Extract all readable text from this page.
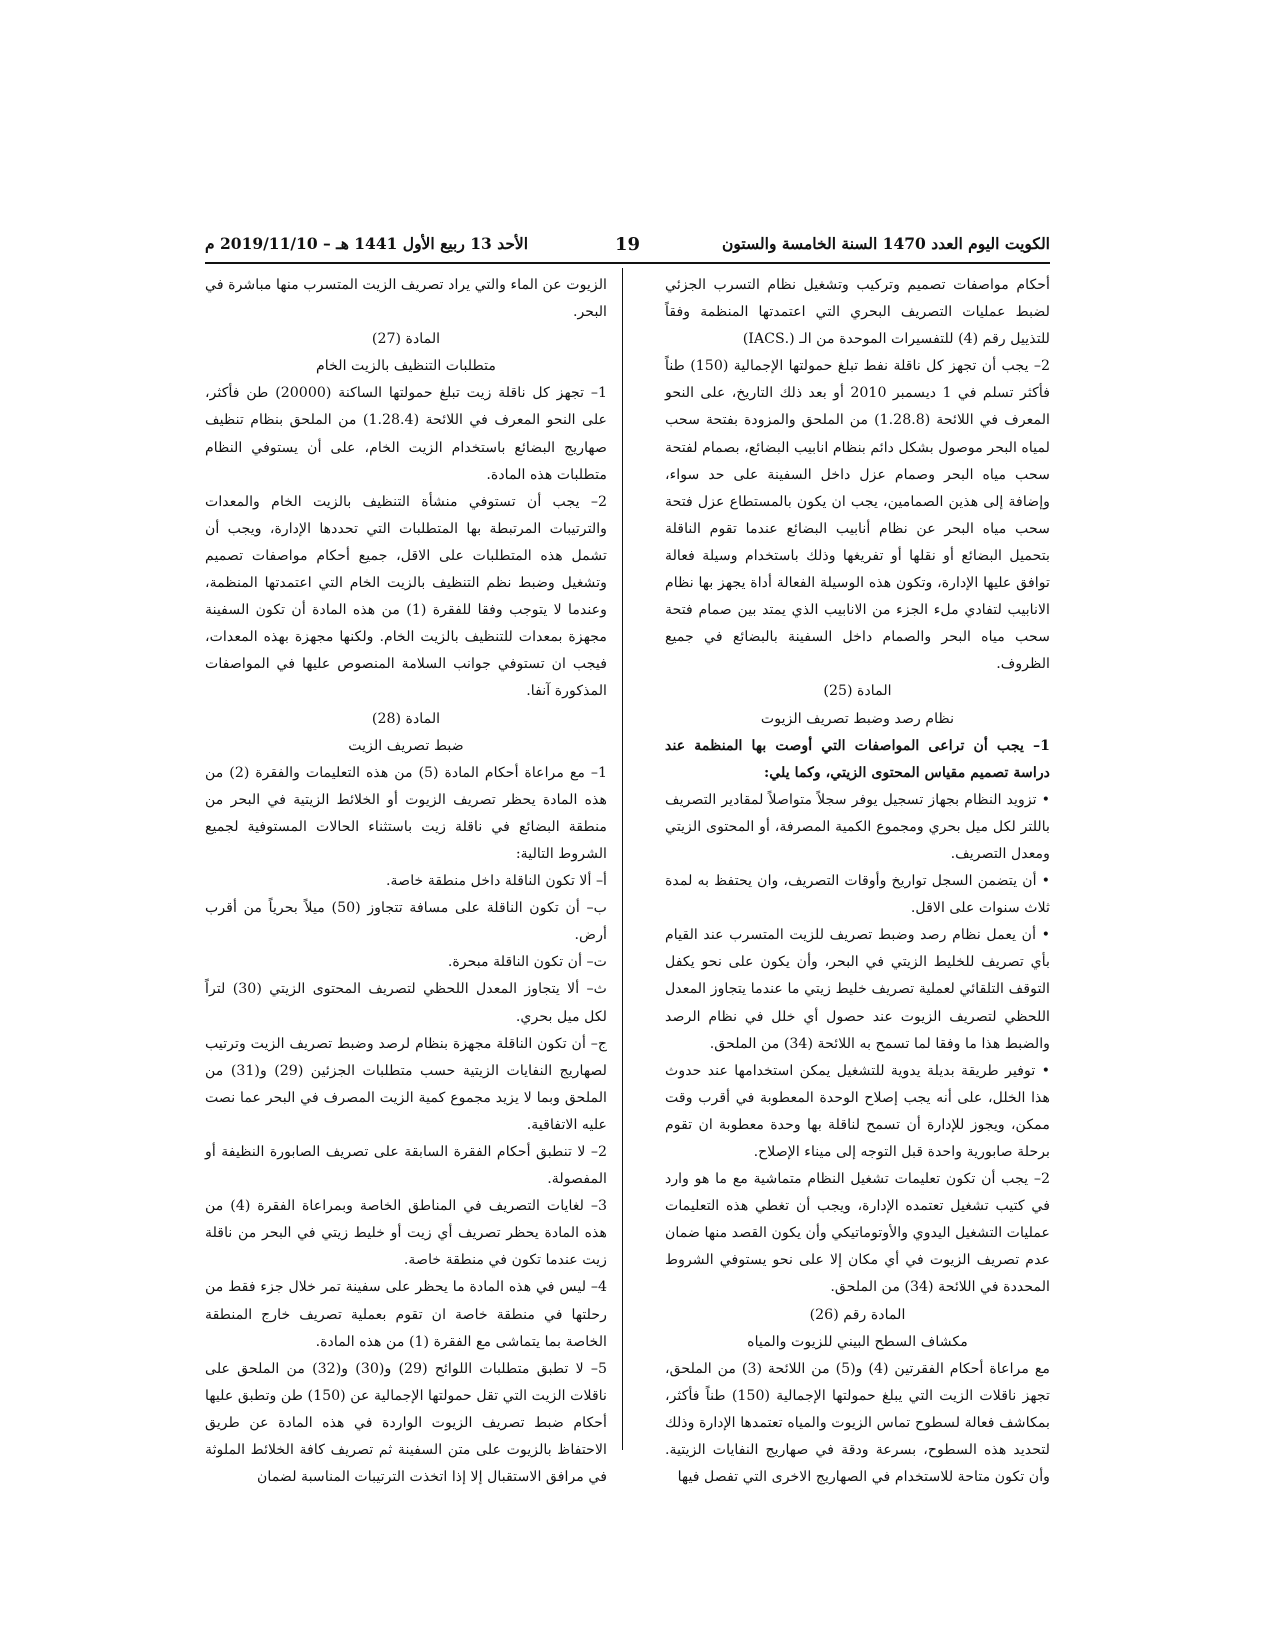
الكويت اليوم العدد 1470 السنة الخامسة والستون
19
الأحد 13 ربيع الأول 1441 هـ – 2019/11/10 م

أحكام مواصفات تصميم وتركيب وتشغيل نظام التسرب الجزئي لضبط عمليات التصريف البحري التي اعتمدتها المنظمة وفقاً للتذييل رقم (4) للتفسيرات الموحدة من الـ (.IACS)

2– يجب أن تجهز كل ناقلة نفط تبلغ حمولتها الإجمالية (150) طناً فأكثر تسلم في 1 ديسمبر 2010 أو بعد ذلك التاريخ، على النحو المعرف في اللائحة (1.28.8) من الملحق والمزودة بفتحة سحب لمياه البحر موصول بشكل دائم بنظام انابيب البضائع، بصمام لفتحة سحب مياه البحر وصمام عزل داخل السفينة على حد سواء، وإضافة إلى هذين الصمامين، يجب ان يكون بالمستطاع عزل فتحة سحب مياه البحر عن نظام أنابيب البضائع عندما تقوم الناقلة بتحميل البضائع أو نقلها أو تفريغها وذلك باستخدام وسيلة فعالة توافق عليها الإدارة، وتكون هذه الوسيلة الفعالة أداة يجهز بها نظام الانابيب لتفادي ملء الجزء من الانابيب الذي يمتد بين صمام فتحة سحب مياه البحر والصمام داخل السفينة بالبضائع في جميع الظروف.

المادة (25)

نظام رصد وضبط تصريف الزيوت

1– يجب أن تراعى المواصفات التي أوصت بها المنظمة عند دراسة تصميم مقياس المحتوى الزيتي، وكما يلي:

• تزويد النظام بجهاز تسجيل يوفر سجلاً متواصلاً لمقادير التصريف باللتر لكل ميل بحري ومجموع الكمية المصرفة، أو المحتوى الزيتي ومعدل التصريف.

• أن يتضمن السجل تواريخ وأوقات التصريف، وان يحتفظ به لمدة ثلاث سنوات على الاقل.

• أن يعمل نظام رصد وضبط تصريف للزيت المتسرب عند القيام بأي تصريف للخليط الزيتي في البحر، وأن يكون على نحو يكفل التوقف التلقائي لعملية تصريف خليط زيتي ما عندما يتجاوز المعدل اللحظي لتصريف الزيوت عند حصول أي خلل في نظام الرصد والضبط هذا ما وفقا لما تسمح به اللائحة (34) من الملحق.

• توفير طريقة بديلة يدوية للتشغيل يمكن استخدامها عند حدوث هذا الخلل، على أنه يجب إصلاح الوحدة المعطوبة في أقرب وقت ممكن، ويجوز للإدارة أن تسمح لناقلة بها وحدة معطوبة ان تقوم برحلة صابورية واحدة قبل التوجه إلى ميناء الإصلاح.

2– يجب أن تكون تعليمات تشغيل النظام متماشية مع ما هو وارد في كتيب تشغيل تعتمده الإدارة، ويجب أن تغطي هذه التعليمات عمليات التشغيل اليدوي والأوتوماتيكي وأن يكون القصد منها ضمان عدم تصريف الزيوت في أي مكان إلا على نحو يستوفي الشروط المحددة في اللائحة (34) من الملحق.

المادة رقم (26)

مكشاف السطح البيني للزيوت والمياه

مع مراعاة أحكام الفقرتين (4) و(5) من اللائحة (3) من الملحق، تجهز ناقلات الزيت التي يبلغ حمولتها الإجمالية (150) طناً فأكثر، بمكاشف فعالة لسطوح تماس الزيوت والمياه تعتمدها الإدارة وذلك لتحديد هذه السطوح، بسرعة ودقة في صهاريج النفايات الزيتية. وأن تكون متاحة للاستخدام في الصهاريج الاخرى التي تفصل فيها

الزيوت عن الماء والتي يراد تصريف الزيت المتسرب منها مباشرة في البحر.

المادة (27)

متطلبات التنظيف بالزيت الخام

1– تجهز كل ناقلة زيت تبلغ حمولتها الساكنة (20000) طن فأكثر، على النحو المعرف في اللائحة (1.28.4) من الملحق بنظام تنظيف صهاريج البضائع باستخدام الزيت الخام، على أن يستوفي النظام متطلبات هذه المادة.

2– يجب أن تستوفي منشأة التنظيف بالزيت الخام والمعدات والترتيبات المرتبطة بها المتطلبات التي تحددها الإدارة، ويجب أن تشمل هذه المتطلبات على الاقل، جميع أحكام مواصفات تصميم وتشغيل وضبط نظم التنظيف بالزيت الخام التي اعتمدتها المنظمة، وعندما لا يتوجب وفقا للفقرة (1) من هذه المادة أن تكون السفينة مجهزة بمعدات للتنظيف بالزيت الخام. ولكنها مجهزة بهذه المعدات، فيجب ان تستوفي جوانب السلامة المنصوص عليها في المواصفات المذكورة آنفا.

المادة (28)

ضبط تصريف الزيت

1– مع مراعاة أحكام المادة (5) من هذه التعليمات والفقرة (2) من هذه المادة يحظر تصريف الزيوت أو الخلائط الزيتية في البحر من منطقة البضائع في ناقلة زيت باستثناء الحالات المستوفية لجميع الشروط التالية:

أ– ألا تكون الناقلة داخل منطقة خاصة.

ب– أن تكون الناقلة على مسافة تتجاوز (50) ميلاً بحرياً من أقرب أرض.

ت– أن تكون الناقلة مبحرة.

ث– ألا يتجاوز المعدل اللحظي لتصريف المحتوى الزيتي (30) لتراً لكل ميل بحري.

ج– أن تكون الناقلة مجهزة بنظام لرصد وضبط تصريف الزيت وترتيب لصهاريج النفايات الزيتية حسب متطلبات الجزئين (29) و(31) من الملحق وبما لا يزيد مجموع كمية الزيت المصرف في البحر عما نصت عليه الاتفاقية.

2– لا تنطبق أحكام الفقرة السابقة على تصريف الصابورة النظيفة أو المفصولة.

3– لغايات التصريف في المناطق الخاصة وبمراعاة الفقرة (4) من هذه المادة يحظر تصريف أي زيت أو خليط زيتي في البحر من ناقلة زيت عندما تكون في منطقة خاصة.

4– ليس في هذه المادة ما يحظر على سفينة تمر خلال جزء فقط من رحلتها في منطقة خاصة ان تقوم بعملية تصريف خارج المنطقة الخاصة بما يتماشى مع الفقرة (1) من هذه المادة.

5– لا تطبق متطلبات اللوائح (29) و(30) و(32) من الملحق على ناقلات الزيت التي تقل حمولتها الإجمالية عن (150) طن وتطبق عليها أحكام ضبط تصريف الزيوت الواردة في هذه المادة عن طريق الاحتفاظ بالزيوت على متن السفينة ثم تصريف كافة الخلائط الملوثة في مرافق الاستقبال إلا إذا اتخذت الترتيبات المناسبة لضمان
